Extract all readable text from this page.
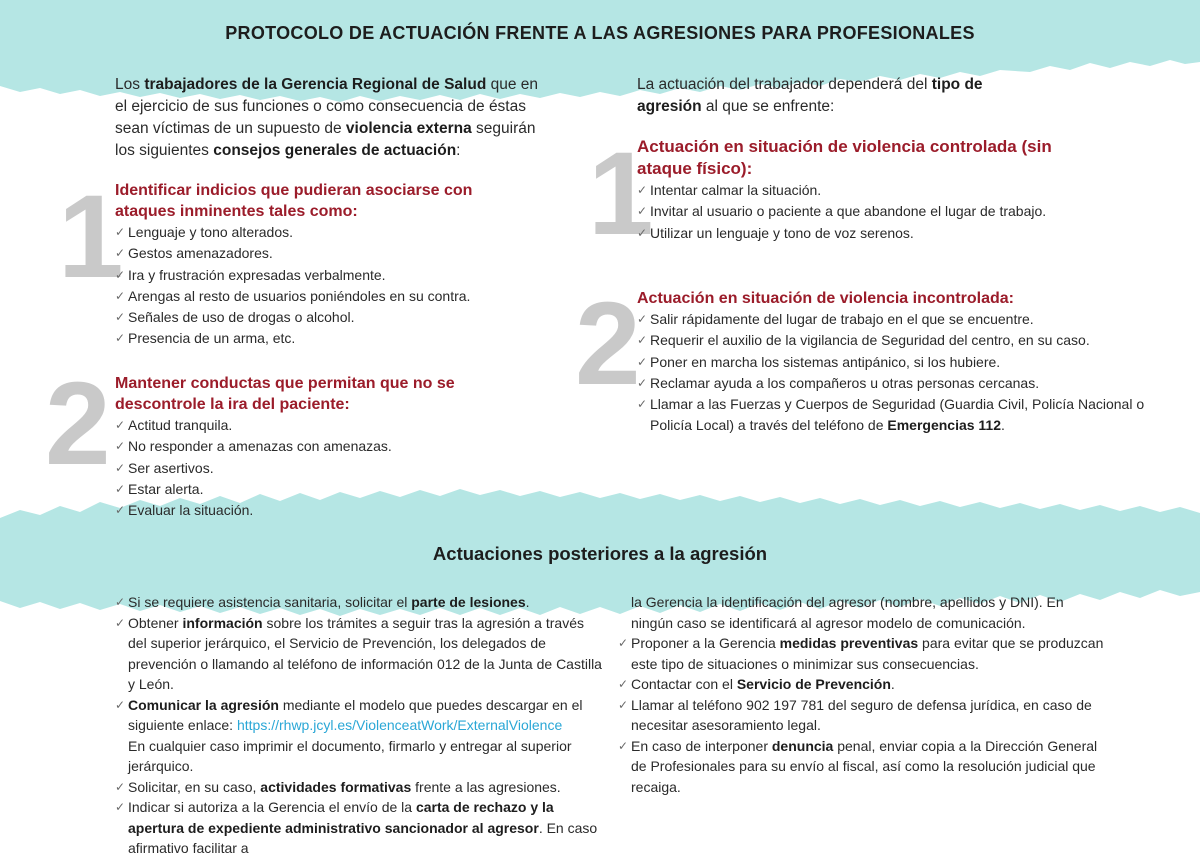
PROTOCOLO DE ACTUACIÓN FRENTE A LAS AGRESIONES PARA PROFESIONALES
Los trabajadores de la Gerencia Regional de Salud que en el ejercicio de sus funciones o como consecuencia de éstas sean víctimas de un supuesto de violencia externa seguirán los siguientes consejos generales de actuación:
1
Identificar indicios que pudieran asociarse con ataques inminentes tales como:
✓ Lenguaje y tono alterados.
✓ Gestos amenazadores.
✓ Ira y frustración expresadas verbalmente.
✓ Arengas al resto de usuarios poniéndoles en su contra.
✓ Señales de uso de drogas o alcohol.
✓ Presencia de un arma, etc.
2 Mantener conductas que permitan que no se descontrole la ira del paciente:
✓ Actitud tranquila.
✓ No responder a amenazas con amenazas.
✓ Ser asertivos.
✓ Estar alerta.
✓ Evaluar la situación.
La actuación del trabajador dependerá del tipo de agresión al que se enfrente:
1
Actuación en situación de violencia controlada (sin ataque físico):
✓ Intentar calmar la situación.
✓ Invitar al usuario o paciente a que abandone el lugar de trabajo.
✓ Utilizar un lenguaje y tono de voz serenos.
2
Actuación en situación de violencia incontrolada:
✓ Salir rápidamente del lugar de trabajo en el que se encuentre.
✓ Requerir el auxilio de la vigilancia de Seguridad del centro, en su caso.
✓ Poner en marcha los sistemas antipánico, si los hubiere.
✓ Reclamar ayuda a los compañeros u otras personas cercanas.
✓ Llamar a las Fuerzas y Cuerpos de Seguridad (Guardia Civil, Policía Nacional o Policía Local) a través del teléfono de Emergencias 112.
Actuaciones posteriores a la agresión
✓ Si se requiere asistencia sanitaria, solicitar el parte de lesiones.
✓ Obtener información sobre los trámites a seguir tras la agresión a través del superior jerárquico, el Servicio de Prevención, los delegados de prevención o llamando al teléfono de información 012 de la Junta de Castilla y León.
✓ Comunicar la agresión mediante el modelo que puedes descargar en el siguiente enlace: https://rhwp.jcyl.es/ViolenceatWork/ExternalViolence
En cualquier caso imprimir el documento, firmarlo y entregar al superior jerárquico.
✓ Solicitar, en su caso, actividades formativas frente a las agresiones.
✓ Indicar si autoriza a la Gerencia el envío de la carta de rechazo y la apertura de expediente administrativo sancionador al agresor. En caso afirmativo facilitar a
la Gerencia la identificación del agresor (nombre, apellidos y DNI). En ningún caso se identificará al agresor modelo de comunicación.
✓ Proponer a la Gerencia medidas preventivas para evitar que se produzcan este tipo de situaciones o minimizar sus consecuencias.
✓ Contactar con el Servicio de Prevención.
✓ Llamar al teléfono 902 197 781 del seguro de defensa jurídica, en caso de necesitar asesoramiento legal.
✓ En caso de interponer denuncia penal, enviar copia a la Dirección General de Profesionales para su envío al fiscal, así como la resolución judicial que recaiga.
